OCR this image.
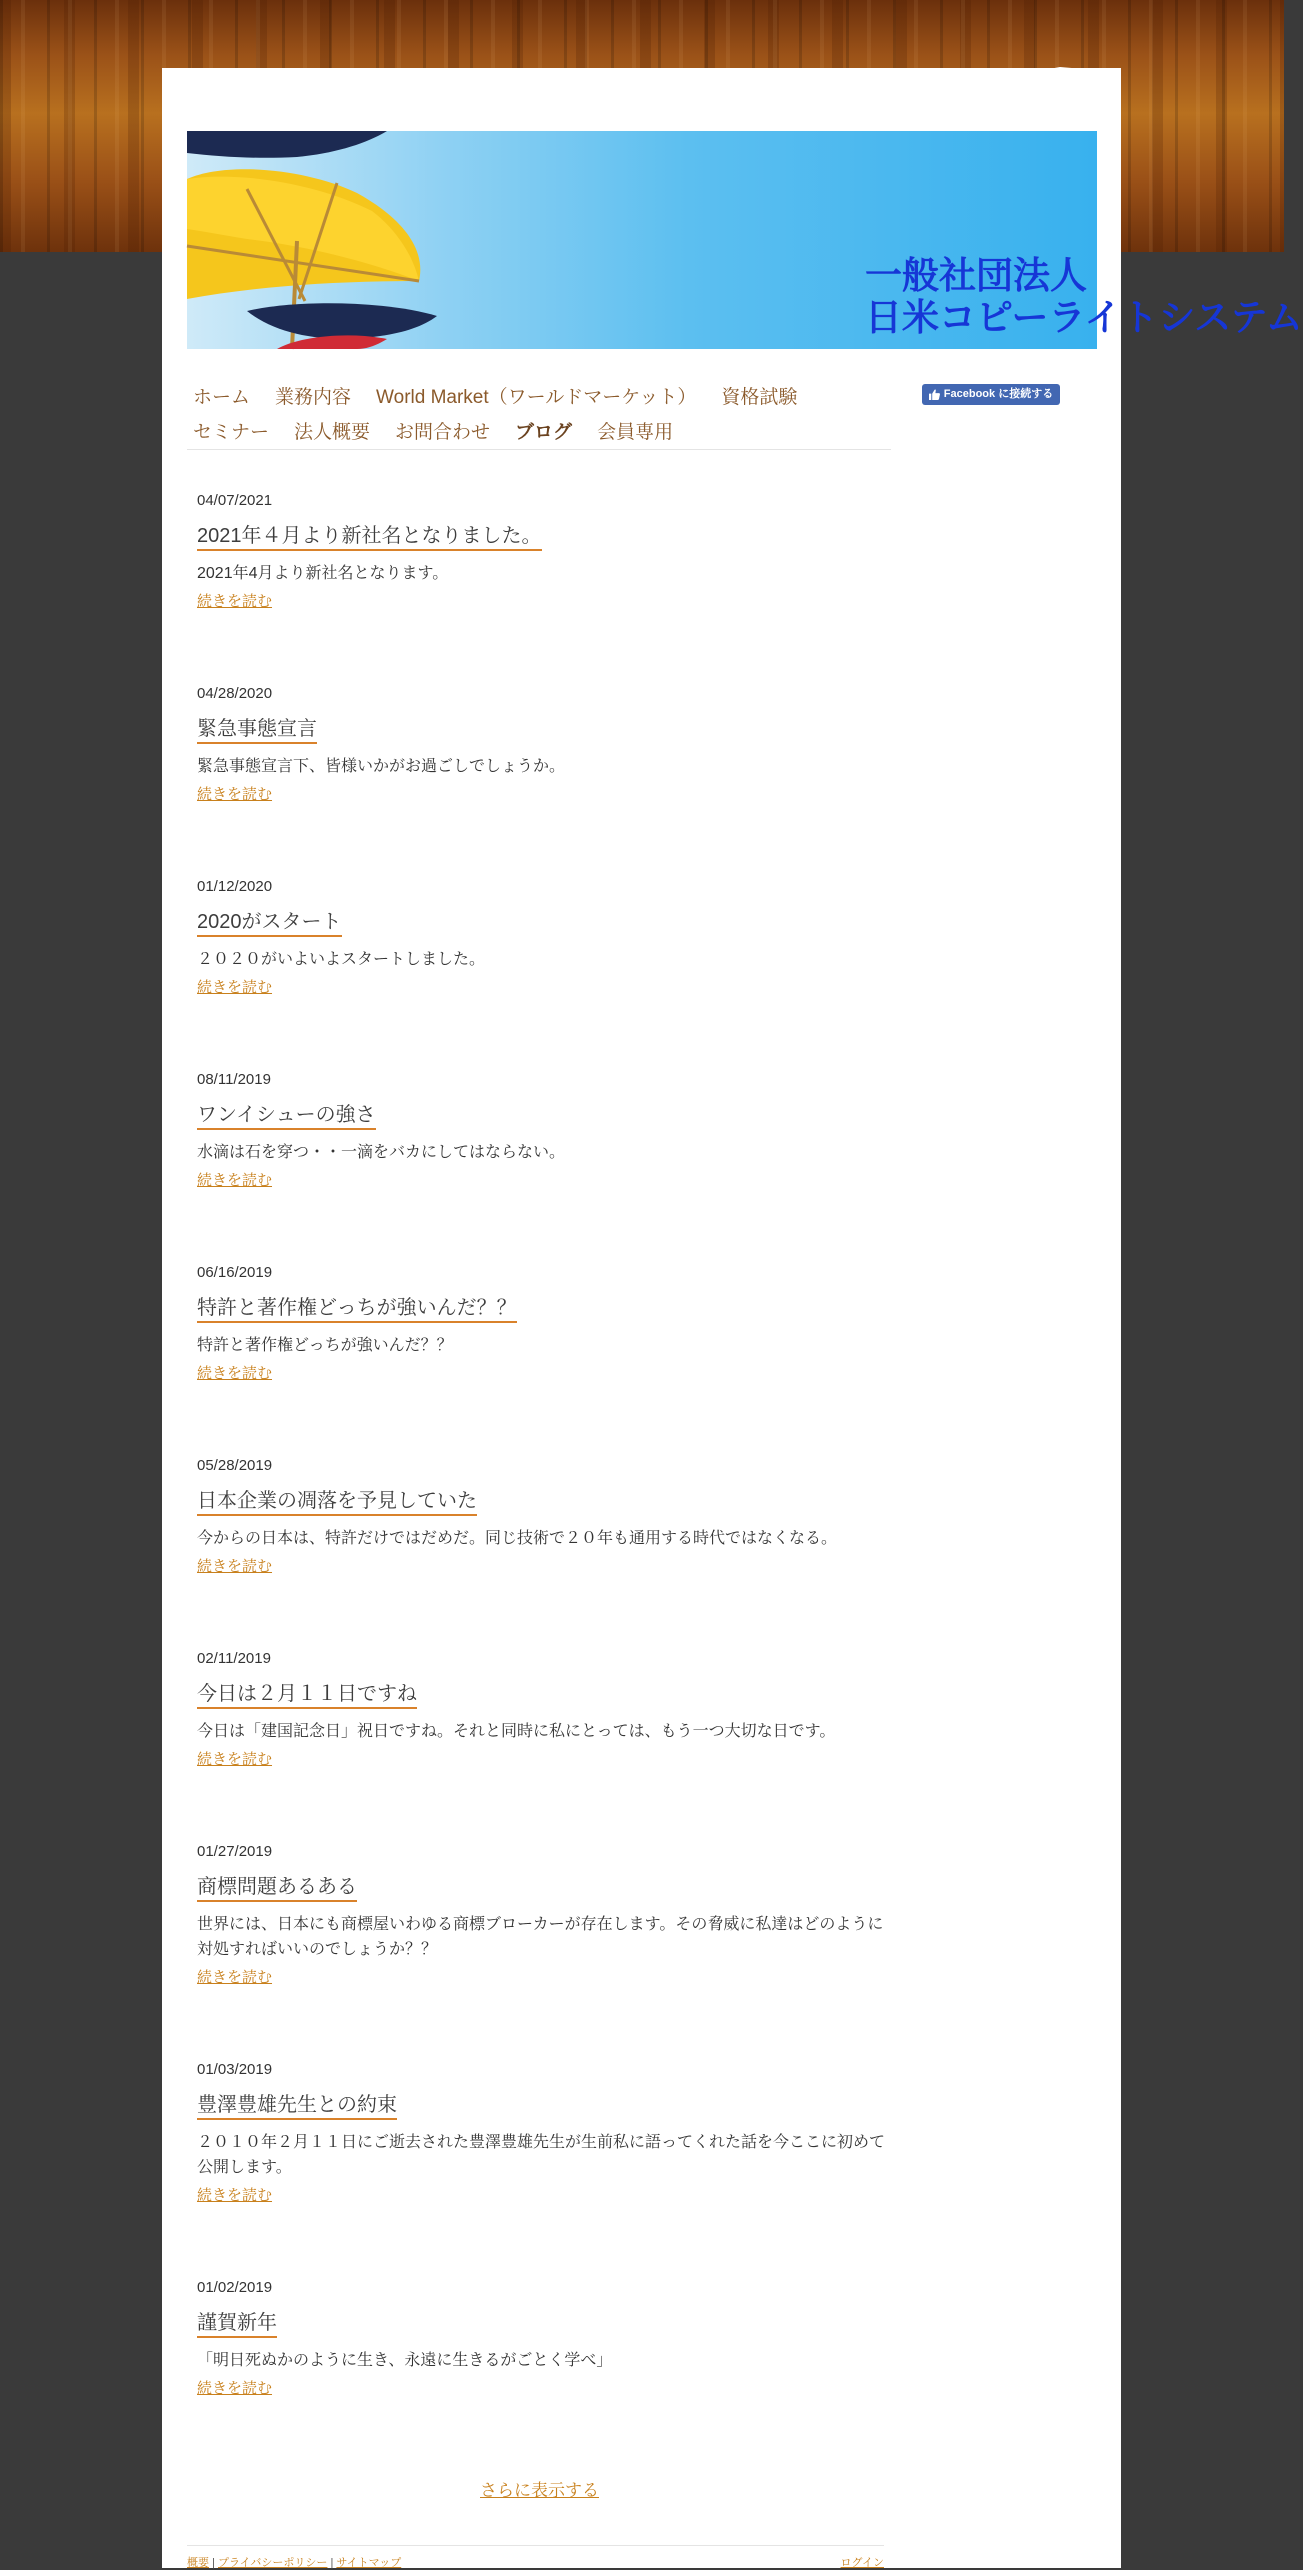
一般社団法人
日米コピーライトシステム
ホーム 業務内容 World Market（ワールドマーケット） 資格試験
セミナー 法人概要 お問合わせ ブログ 会員専用
Facebook に接続する

04/07/2021

2021年４月より新社名となりました。

2021年4月より新社名となります。

続きを読む

04/28/2020

緊急事態宣言

緊急事態宣言下、皆様いかがお過ごしでしょうか。

続きを読む

01/12/2020

2020がスタート

２０２０がいよいよスタートしました。

続きを読む

08/11/2019

ワンイシューの強さ

水滴は石を穿つ・・一滴をバカにしてはならない。

続きを読む

06/16/2019

特許と著作権どっちが強いんだ？？

特許と著作権どっちが強いんだ？？

続きを読む

05/28/2019

日本企業の凋落を予見していた

今からの日本は、特許だけではだめだ。同じ技術で２０年も通用する時代ではなくなる。

続きを読む

02/11/2019

今日は２月１１日ですね

今日は「建国記念日」祝日ですね。それと同時に私にとっては、もう一つ大切な日です。

続きを読む

01/27/2019

商標問題あるある

世界には、日本にも商標屋いわゆる商標ブローカーが存在します。その脅威に私達はどのように対処すればいいのでしょうか？？

続きを読む

01/03/2019

豊澤豊雄先生との約束

２０１０年２月１１日にご逝去された豊澤豊雄先生が生前私に語ってくれた話を今ここに初めて公開します。

続きを読む

01/02/2019

謹賀新年

「明日死ぬかのように生き、永遠に生きるがごとく学べ」

続きを読む
さらに表示する
概要 | プライバシーポリシー | サイトマップ	ログイン
